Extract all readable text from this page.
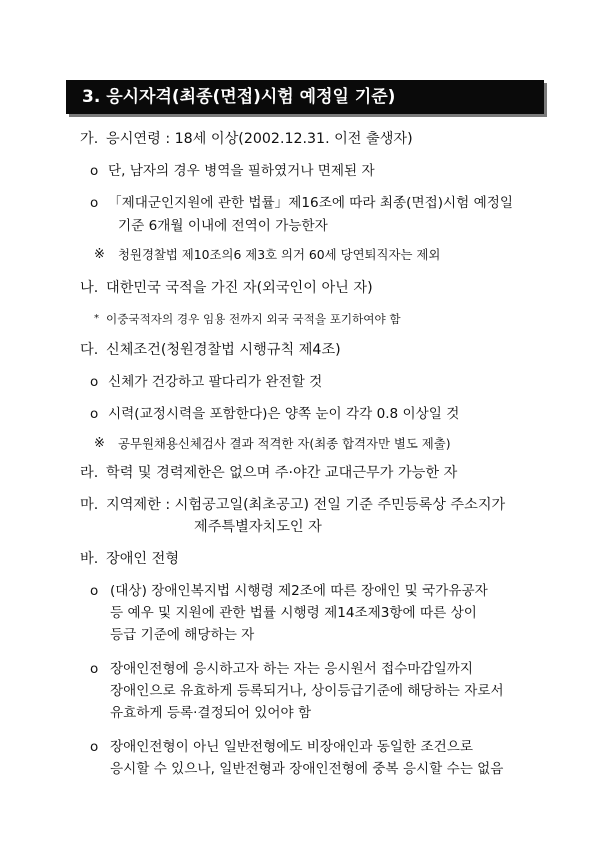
3. 응시자격(최종(면접)시험 예정일 기준)
가. 응시연령 : 18세 이상(2002.12.31. 이전 출생자)
o 단, 남자의 경우 병역을 필하였거나 면제된 자
o 「제대군인지원에 관한 법률」제16조에 따라 최종(면접)시험 예정일
기준 6개월 이내에 전역이 가능한자
※ 청원경찰법 제10조의6 제3호 의거 60세 당연퇴직자는 제외
나. 대한민국 국적을 가진 자(외국인이 아닌 자)
* 이중국적자의 경우 임용 전까지 외국 국적을 포기하여야 함
다. 신체조건(청원경찰법 시행규칙 제4조)
o 신체가 건강하고 팔다리가 완전할 것
o 시력(교정시력을 포함한다)은 양쪽 눈이 각각 0.8 이상일 것
※ 공무원채용신체검사 결과 적격한 자(최종 합격자만 별도 제출)
라. 학력 및 경력제한은 없으며 주·야간 교대근무가 가능한 자
마. 지역제한 : 시험공고일(최초공고) 전일 기준 주민등록상 주소지가
제주특별자치도인 자
바. 장애인 전형
o (대상) 장애인복지법 시행령 제2조에 따른 장애인 및 국가유공자
등 예우 및 지원에 관한 법률 시행령 제14조제3항에 따른 상이
등급 기준에 해당하는 자
o 장애인전형에 응시하고자 하는 자는 응시원서 접수마감일까지
장애인으로 유효하게 등록되거나, 상이등급기준에 해당하는 자로서
유효하게 등록·결정되어 있어야 함
o 장애인전형이 아닌 일반전형에도 비장애인과 동일한 조건으로
응시할 수 있으나, 일반전형과 장애인전형에 중복 응시할 수는 없음
